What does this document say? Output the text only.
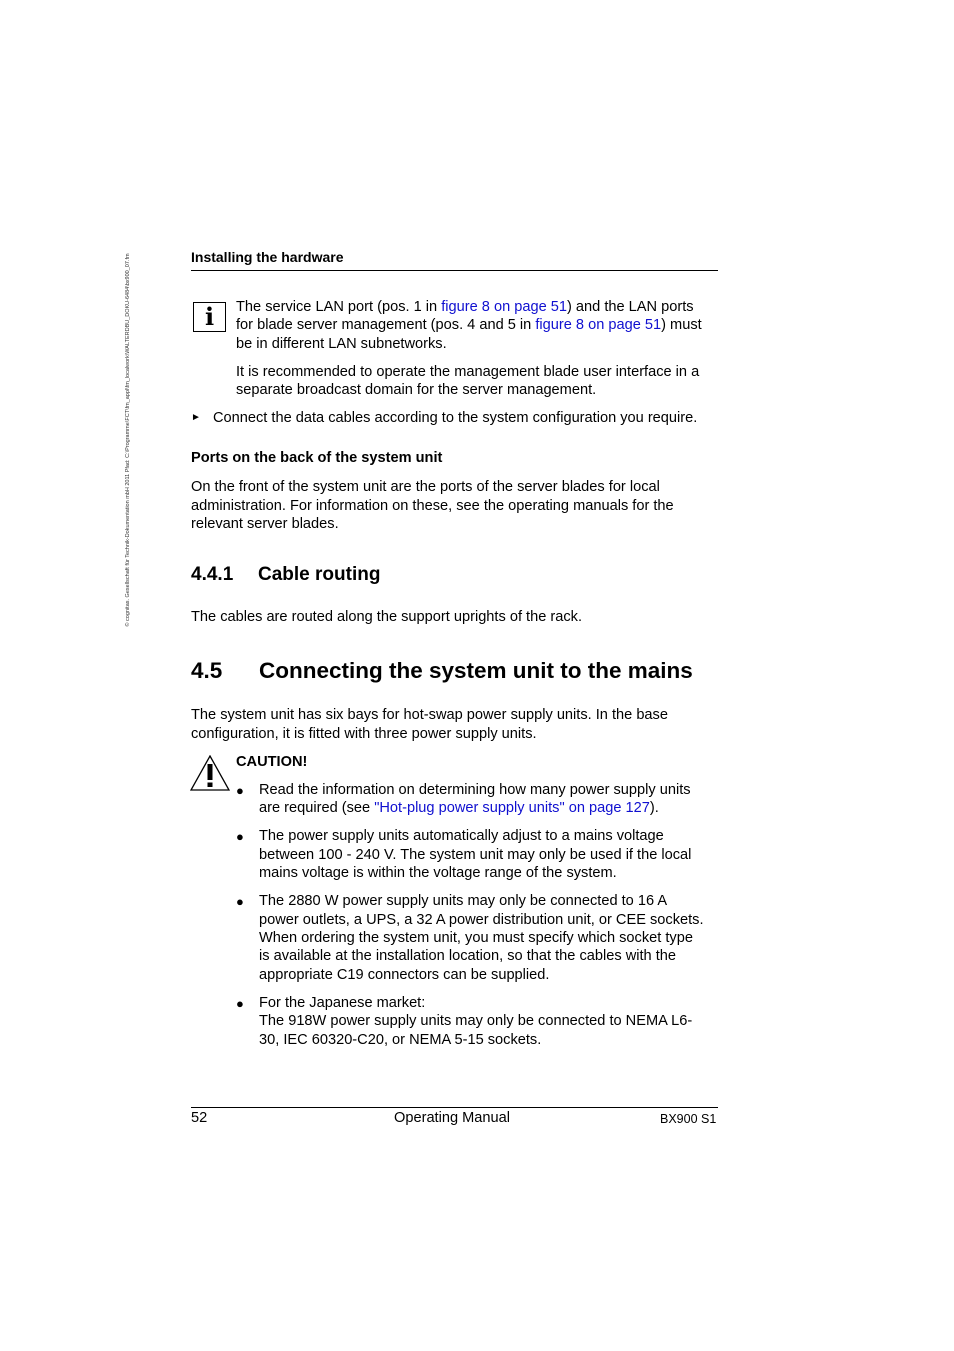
© cognitas. Gesellschaft für Technik-Dokumentation mbH 2011 Pfad: C:\Programme\FCT\fm_appl\fm_localwork\WALTERDBU_DOKU-6484\bx900_07.fm	Installing the hardware
i	The service LAN port (pos. 1 in figure 8 on page 51) and the LAN ports
for blade server management (pos. 4 and 5 in figure 8 on page 51) must
be in different LAN subnetworks.
It is recommended to operate the management blade user interface in a
separate broadcast domain for the server management.
► Connect the data cables according to the system configuration you require.
Ports on the back of the system unit
On the front of the system unit are the ports of the server blades for local
administration. For information on these, see the operating manuals for the
relevant server blades.
4.4.1 Cable routing
The cables are routed along the support uprights of the rack.
4.5 Connecting the system unit to the mains
The system unit has six bays for hot-swap power supply units. In the base
configuration, it is fitted with three power supply units.
CAUTION!
● Read the information on determining how many power supply units
are required (see "Hot-plug power supply units" on page 127).
● The power supply units automatically adjust to a mains voltage
between 100 - 240 V. The system unit may only be used if the local
mains voltage is within the voltage range of the system.
● The 2880 W power supply units may only be connected to 16 A
power outlets, a UPS, a 32 A power distribution unit, or CEE sockets.
When ordering the system unit, you must specify which socket type
is available at the installation location, so that the cables with the
appropriate C19 connectors can be supplied.
● For the Japanese market:
The 918W power supply units may only be connected to NEMA L6-
30, IEC 60320-C20, or NEMA 5-15 sockets.
52	Operating Manual	BX900 S1
